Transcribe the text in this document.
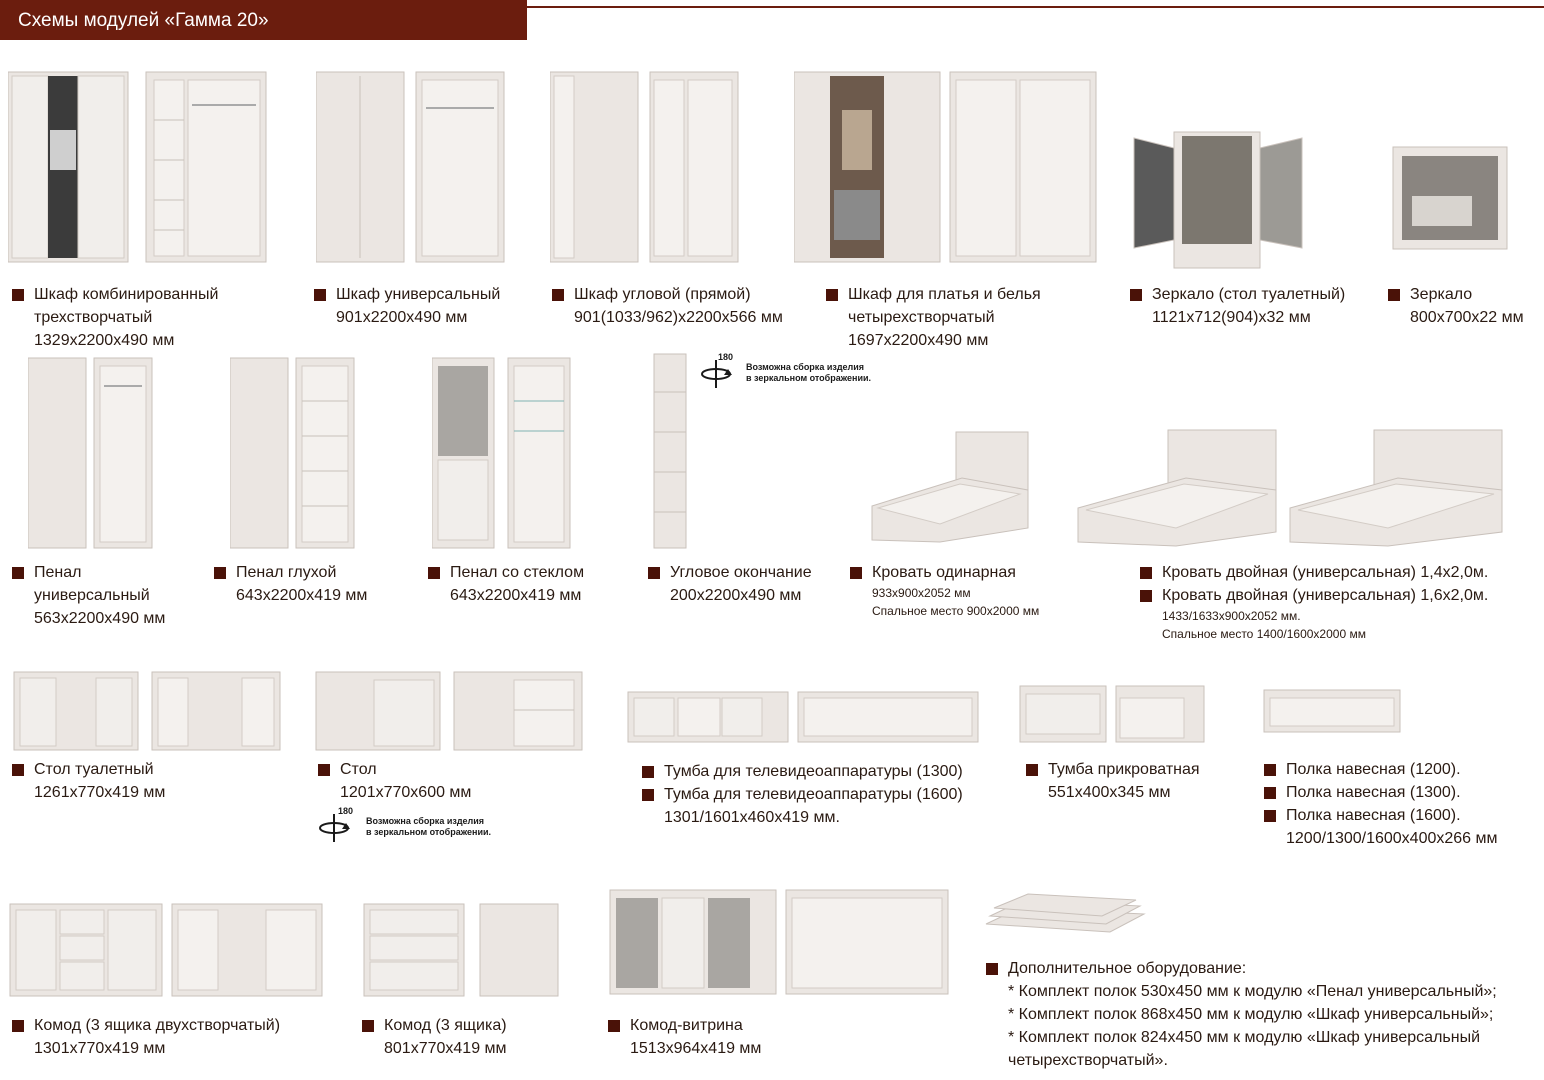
Схемы модулей «Гамма 20»
Шкаф комбинированный
трехстворчатый
1329х2200х490 мм
Шкаф универсальный
901х2200х490 мм
Шкаф угловой (прямой)
901(1033/962)х2200х566 мм
Шкаф для платья и белья
четырехстворчатый
1697х2200х490 мм
Зеркало (стол туалетный)
1121х712(904)х32 мм
Зеркало
800х700х22 мм
180

Возможна сборка изделия
в зеркальном отображении.
Пенал
универсальный
563х2200х490 мм
Пенал глухой
643х2200х419 мм
Пенал со стеклом
643х2200х419 мм
Угловое окончание
200х2200х490 мм
Кровать одинарная
933х900х2052 мм
Спальное место 900х2000 мм
Кровать двойная (универсальная) 1,4х2,0м.
Кровать двойная (универсальная) 1,6х2,0м.
1433/1633х900х2052 мм.
Спальное место 1400/1600х2000 мм
180
Возможна сборка изделия
в зеркальном отображении.
Стол туалетный
1261х770х419 мм
Стол
1201х770х600 мм
Тумба для телевидеоаппаратуры (1300)
Тумба для телевидеоаппаратуры (1600)
1301/1601х460х419 мм.
Тумба прикроватная
551х400х345 мм
Полка навесная (1200).
Полка навесная (1300).
Полка навесная (1600).
1200/1300/1600х400х266 мм
Комод (3 ящика двухстворчатый)
1301х770х419 мм
Комод (3 ящика)
801х770х419 мм
Комод-витрина
1513х964х419 мм
Дополнительное оборудование:
* Комплект полок 530х450 мм к модулю «Пенал универсальный»;
* Комплект полок 868х450 мм к модулю «Шкаф универсальный»;
* Комплект полок 824х450 мм к модулю «Шкаф универсальный
четырехстворчатый».
